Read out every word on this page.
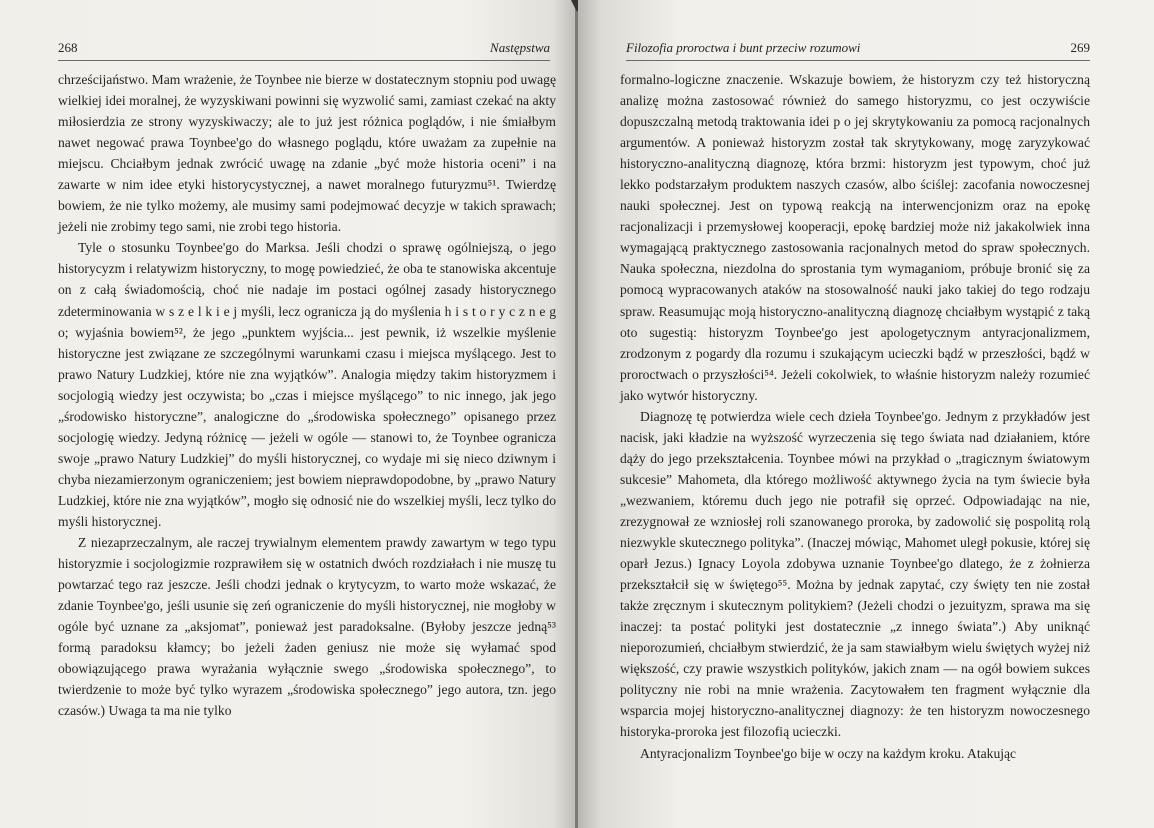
268	Następstwa

chrześcijaństwo. Mam wrażenie, że Toynbee nie bierze w dostatecznym stopniu pod uwagę wielkiej idei moralnej, że wyzyskiwani powinni się wyzwolić sami, zamiast czekać na akty miłosierdzia ze strony wyzyskiwaczy; ale to już jest różnica poglądów, i nie śmiałbym nawet negować prawa Toynbee'go do własnego poglądu, które uważam za zupełnie na miejscu. Chciałbym jednak zwrócić uwagę na zdanie „być może historia oceni” i na zawarte w nim idee etyki historycystycznej, a nawet moralnego futuryzmu⁵¹. Twierdzę bowiem, że nie tylko możemy, ale musimy sami podejmować decyzje w takich sprawach; jeżeli nie zrobimy tego sami, nie zrobi tego historia.

Tyle o stosunku Toynbee'go do Marksa. Jeśli chodzi o sprawę ogólniejszą, o jego historycyzm i relatywizm historyczny, to mogę powiedzieć, że oba te stanowiska akcentuje on z całą świadomością, choć nie nadaje im postaci ogólnej zasady historycznego zdeterminowania w s z e l k i e j myśli, lecz ogranicza ją do myślenia h i s t o r y c z n e g o; wyjaśnia bowiem⁵², że jego „punktem wyjścia... jest pewnik, iż wszelkie myślenie historyczne jest związane ze szczególnymi warunkami czasu i miejsca myślącego. Jest to prawo Natury Ludzkiej, które nie zna wyjątków”. Analogia między takim historyzmem i socjologią wiedzy jest oczywista; bo „czas i miejsce myślącego” to nic innego, jak jego „środowisko historyczne”, analogiczne do „środowiska społecznego” opisanego przez socjologię wiedzy. Jedyną różnicę — jeżeli w ogóle — stanowi to, że Toynbee ogranicza swoje „prawo Natury Ludzkiej” do myśli historycznej, co wydaje mi się nieco dziwnym i chyba niezamierzonym ograniczeniem; jest bowiem nieprawdopodobne, by „prawo Natury Ludzkiej, które nie zna wyjątków”, mogło się odnosić nie do wszelkiej myśli, lecz tylko do myśli historycznej.

Z niezaprzeczalnym, ale raczej trywialnym elementem prawdy zawartym w tego typu historyzmie i socjologizmie rozprawiłem się w ostatnich dwóch rozdziałach i nie muszę tu powtarzać tego raz jeszcze. Jeśli chodzi jednak o krytycyzm, to warto może wskazać, że zdanie Toynbee'go, jeśli usunie się zeń ograniczenie do myśli historycznej, nie mogłoby w ogóle być uznane za „aksjomat”, ponieważ jest paradoksalne. (Byłoby jeszcze jedną⁵³ formą paradoksu kłamcy; bo jeżeli żaden geniusz nie może się wyłamać spod obowiązującego prawa wyrażania wyłącznie swego „środowiska społecznego”, to twierdzenie to może być tylko wyrazem „środowiska społecznego” jego autora, tzn. jego czasów.) Uwaga ta ma nie tylko

Filozofia proroctwa i bunt przeciw rozumowi	269

formalno-logiczne znaczenie. Wskazuje bowiem, że historyzm czy też historyczną analizę można zastosować również do samego historyzmu, co jest oczywiście dopuszczalną metodą traktowania idei p o jej skrytykowaniu za pomocą racjonalnych argumentów. A ponieważ historyzm został tak skrytykowany, mogę zaryzykować historyczno-analityczną diagnozę, która brzmi: historyzm jest typowym, choć już lekko podstarzałym produktem naszych czasów, albo ściślej: zacofania nowoczesnej nauki społecznej. Jest on typową reakcją na interwencjonizm oraz na epokę racjonalizacji i przemysłowej kooperacji, epokę bardziej może niż jakakolwiek inna wymagającą praktycznego zastosowania racjonalnych metod do spraw społecznych. Nauka społeczna, niezdolna do sprostania tym wymaganiom, próbuje bronić się za pomocą wypracowanych ataków na stosowalność nauki jako takiej do tego rodzaju spraw. Reasumując moją historyczno-analityczną diagnozę chciałbym wystąpić z taką oto sugestią: historyzm Toynbee'go jest apologetycznym antyracjonalizmem, zrodzonym z pogardy dla rozumu i szukającym ucieczki bądź w przeszłości, bądź w proroctwach o przyszłości⁵⁴. Jeżeli cokolwiek, to właśnie historyzm należy rozumieć jako wytwór historyczny.

Diagnozę tę potwierdza wiele cech dzieła Toynbee'go. Jednym z przykładów jest nacisk, jaki kładzie na wyższość wyrzeczenia się tego świata nad działaniem, które dąży do jego przekształcenia. Toynbee mówi na przykład o „tragicznym światowym sukcesie” Mahometa, dla którego możliwość aktywnego życia na tym świecie była „wezwaniem, któremu duch jego nie potrafił się oprzeć. Odpowiadając na nie, zrezygnował ze wzniosłej roli szanowanego proroka, by zadowolić się pospolitą rolą niezwykle skutecznego polityka”. (Inaczej mówiąc, Mahomet uległ pokusie, której się oparł Jezus.) Ignacy Loyola zdobywa uznanie Toynbee'go dlatego, że z żołnierza przekształcił się w świętego⁵⁵. Można by jednak zapytać, czy święty ten nie został także zręcznym i skutecznym politykiem? (Jeżeli chodzi o jezuityzm, sprawa ma się inaczej: ta postać polityki jest dostatecznie „z innego świata”.) Aby uniknąć nieporozumień, chciałbym stwierdzić, że ja sam stawiałbym wielu świętych wyżej niż większość, czy prawie wszystkich polityków, jakich znam — na ogół bowiem sukces polityczny nie robi na mnie wrażenia. Zacytowałem ten fragment wyłącznie dla wsparcia mojej historyczno-analitycznej diagnozy: że ten historyzm nowoczesnego historyka-proroka jest filozofią ucieczki.

Antyracjonalizm Toynbee'go bije w oczy na każdym kroku. Atakując
